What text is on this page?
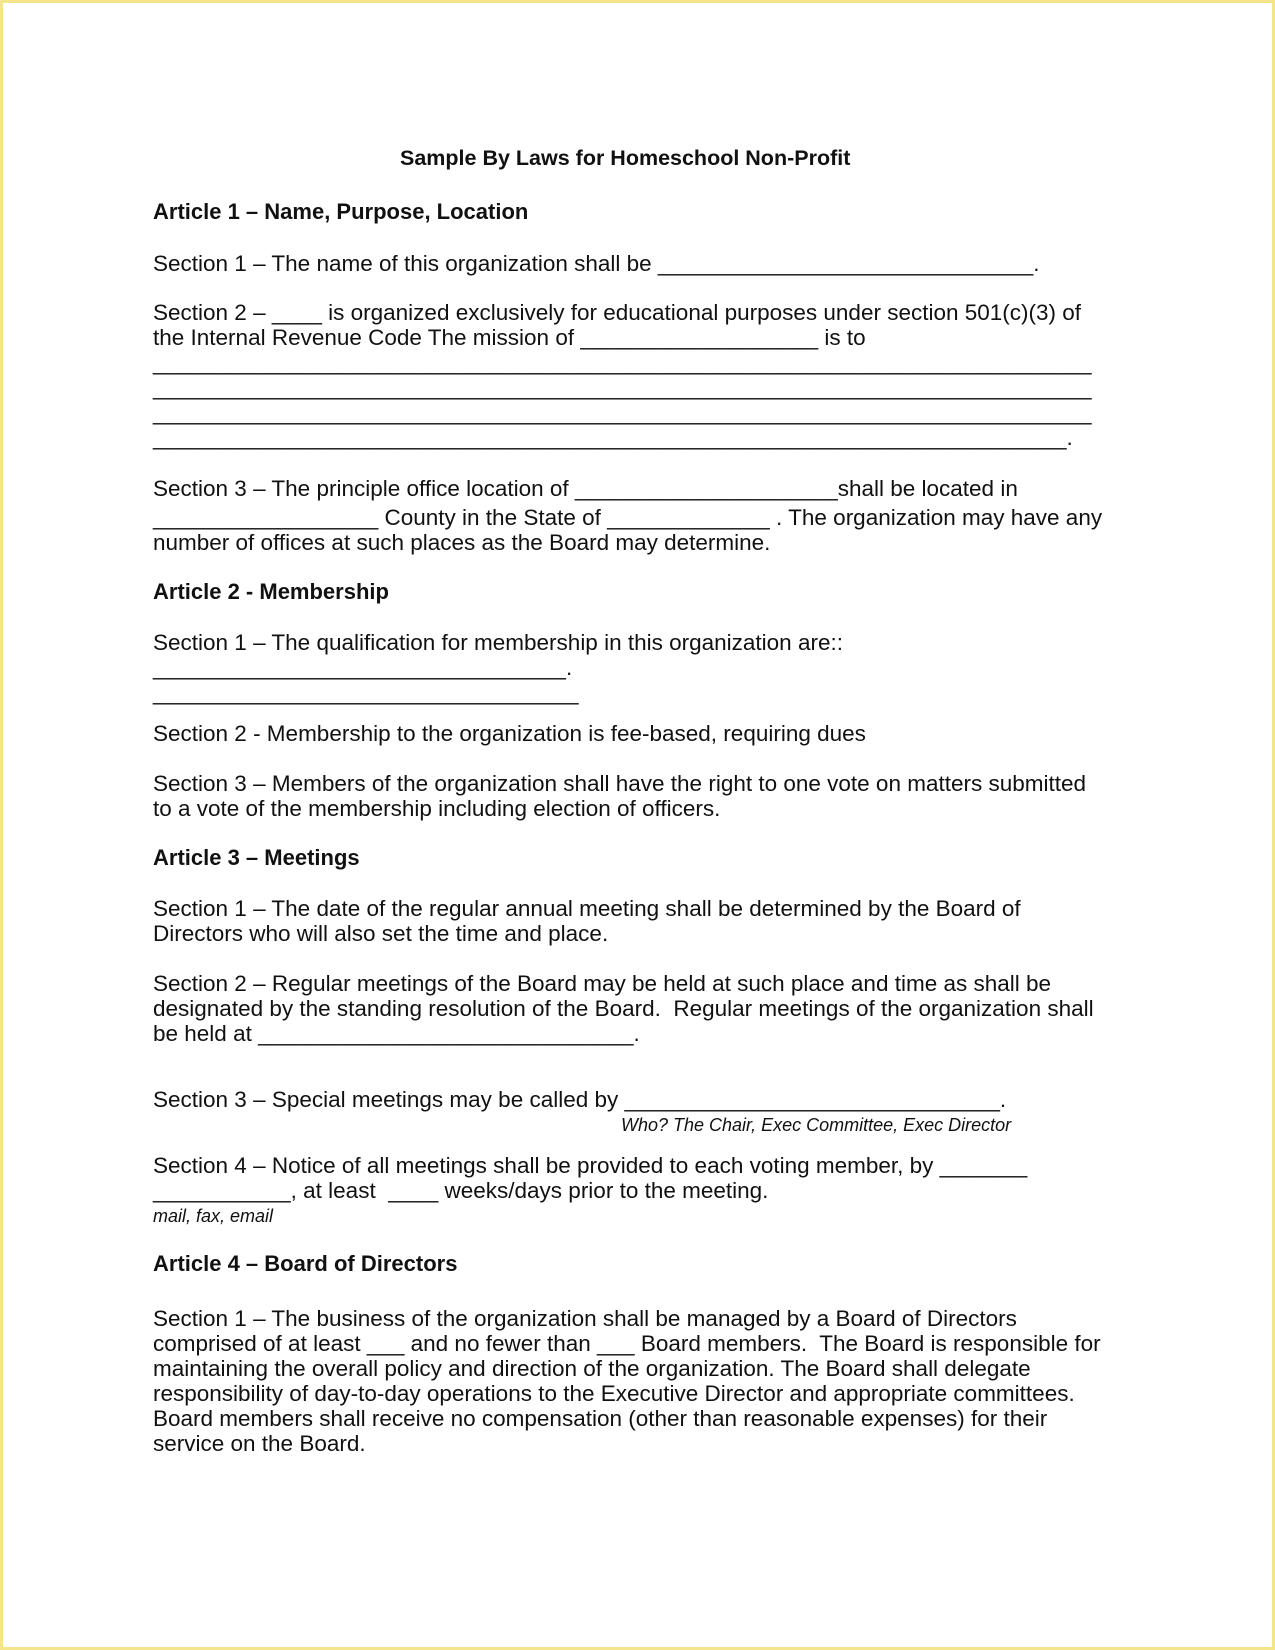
Sample By Laws for Homeschool Non-Profit
Article 1 – Name, Purpose, Location
Section 1 – The name of this organization shall be ______________________________.
Section 2 – ____ is organized exclusively for educational purposes under section 501(c)(3) of
the Internal Revenue Code The mission of ___________________ is to
___________________________________________________________________________
___________________________________________________________________________
___________________________________________________________________________
_________________________________________________________________________.
Section 3 – The principle office location of _____________________shall be located in
__________________ County in the State of _____________ . The organization may have any
number of offices at such places as the Board may determine.
Article 2 - Membership
Section 1 – The qualification for membership in this organization are::
_________________________________.
__________________________________
Section 2 - Membership to the organization is fee-based, requiring dues
Section 3 – Members of the organization shall have the right to one vote on matters submitted
to a vote of the membership including election of officers.
Article 3 – Meetings
Section 1 – The date of the regular annual meeting shall be determined by the Board of
Directors who will also set the time and place.
Section 2 – Regular meetings of the Board may be held at such place and time as shall be
designated by the standing resolution of the Board.  Regular meetings of the organization shall
be held at ______________________________.
Section 3 – Special meetings may be called by ______________________________.
Who? The Chair, Exec Committee, Exec Director
Section 4 – Notice of all meetings shall be provided to each voting member, by _______
___________, at least  ____ weeks/days prior to the meeting.
mail, fax, email
Article 4 – Board of Directors
Section 1 – The business of the organization shall be managed by a Board of Directors
comprised of at least ___ and no fewer than ___ Board members.  The Board is responsible for
maintaining the overall policy and direction of the organization. The Board shall delegate
responsibility of day-to-day operations to the Executive Director and appropriate committees.
Board members shall receive no compensation (other than reasonable expenses) for their
service on the Board.
